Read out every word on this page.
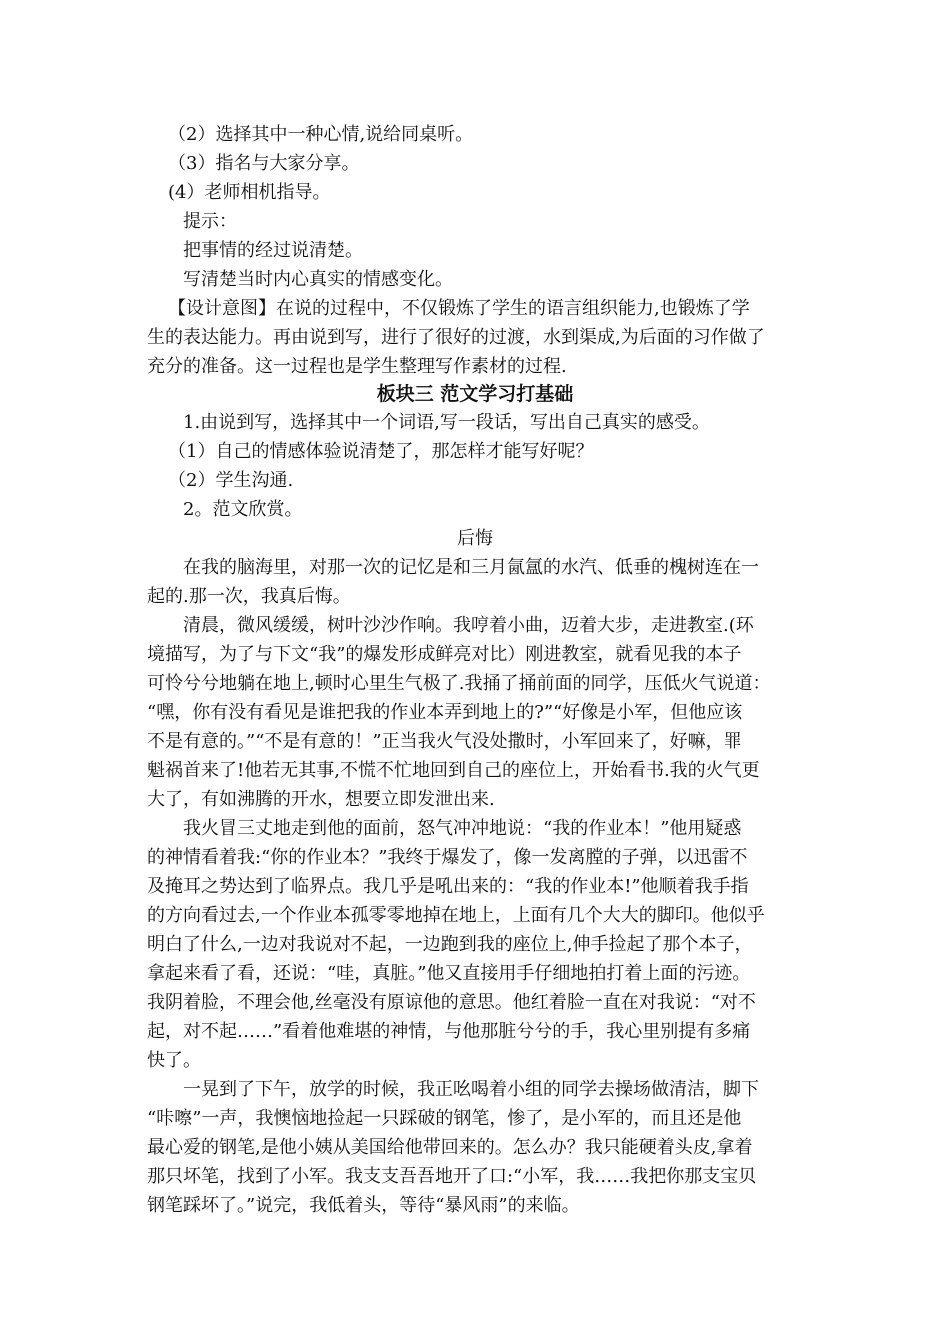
（2）选择其中一种心情,说给同桌听。
（3）指名与大家分享。
(4）老师相机指导。
提示：
把事情的经过说清楚。
写清楚当时内心真实的情感变化。
【设计意图】在说的过程中，不仅锻炼了学生的语言组织能力,也锻炼了学
生的表达能力。再由说到写，进行了很好的过渡，水到渠成,为后面的习作做了
充分的准备。这一过程也是学生整理写作素材的过程.
板块三 范文学习打基础
1.由说到写，选择其中一个词语,写一段话，写出自己真实的感受。
（1）自己的情感体验说清楚了，那怎样才能写好呢？
（2）学生沟通.
2。范文欣赏。
后悔
在我的脑海里，对那一次的记忆是和三月氤氲的水汽、低垂的槐树连在一
起的.那一次，我真后悔。
清晨，微风缓缓，树叶沙沙作响。我哼着小曲，迈着大步，走进教室.(环
境描写，为了与下文“我”的爆发形成鲜亮对比）刚进教室，就看见我的本子
可怜兮兮地躺在地上,顿时心里生气极了.我捅了捅前面的同学，压低火气说道：
“嘿，你有没有看见是谁把我的作业本弄到地上的?”“好像是小军，但他应该
不是有意的。”“不是有意的！”正当我火气没处撒时，小军回来了，好嘛，罪
魁祸首来了!他若无其事,不慌不忙地回到自己的座位上，开始看书.我的火气更
大了，有如沸腾的开水，想要立即发泄出来.
我火冒三丈地走到他的面前，怒气冲冲地说：“我的作业本！”他用疑惑
的神情看着我:“你的作业本？”我终于爆发了，像一发离膛的子弹，以迅雷不
及掩耳之势达到了临界点。我几乎是吼出来的：“我的作业本!”他顺着我手指
的方向看过去,一个作业本孤零零地掉在地上，上面有几个大大的脚印。他似乎
明白了什么,一边对我说对不起，一边跑到我的座位上,伸手捡起了那个本子，
拿起来看了看，还说：“哇，真脏。”他又直接用手仔细地拍打着上面的污迹。
我阴着脸，不理会他,丝毫没有原谅他的意思。他红着脸一直在对我说：“对不
起，对不起……”看着他难堪的神情，与他那脏兮兮的手，我心里别提有多痛
快了。
一晃到了下午，放学的时候，我正吆喝着小组的同学去操场做清洁，脚下
“咔嚓”一声，我懊恼地捡起一只踩破的钢笔，惨了，是小军的，而且还是他
最心爱的钢笔,是他小姨从美国给他带回来的。怎么办？我只能硬着头皮,拿着
那只坏笔，找到了小军。我支支吾吾地开了口:“小军，我……我把你那支宝贝
钢笔踩坏了。”说完，我低着头，等待“暴风雨”的来临。
